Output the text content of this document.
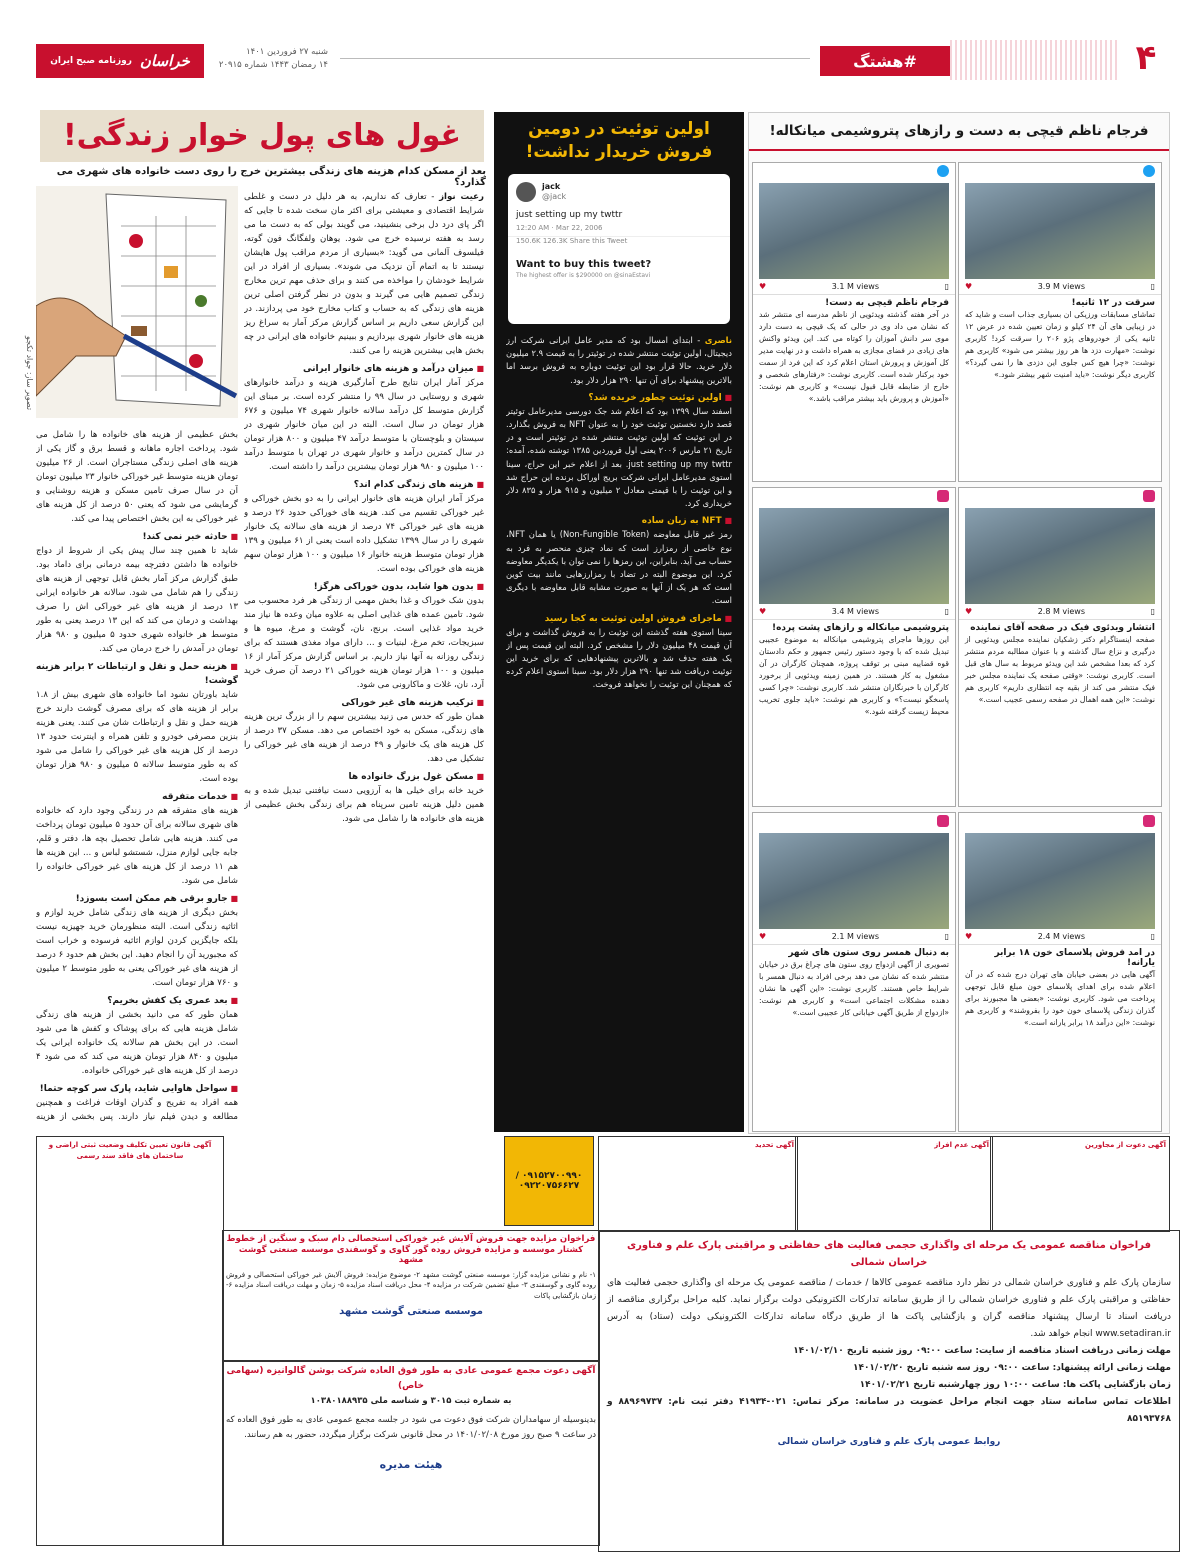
خراسان
روزنامه صبح ایران
شنبه ۲۷ فروردین ۱۴۰۱
۱۴ رمضان ۱۴۴۳ شماره ۲۰۹۱۵	#هشتگ	۴
فرجام ناظم قیچی به دست و رازهای پتروشیمی میانکاله!
♥	3.9 M views	▯
سرقت در ۱۲ ثانیه!
تماشای مسابقات ورزیکی ان بسیاری جذاب است و شاید که در زیبایی های آن ۲۴ کیلو و زمان تعیین شده در عرض ۱۲ ثانیه یکی از خودروهای پژو ۲۰۶ را سرقت کرد! کاربری نوشت: «مهارت دزد ها هر روز بیشتر می شود» کاربری هم نوشت: «چرا هیچ کس جلوی این دزدی ها را نمی گیرد؟» کاربری دیگر نوشت: «باید امنیت شهر بیشتر شود.»
♥	3.1 M views	▯
فرجام ناظم قیچی به دست!
در آخر هفته گذشته ویدئویی از ناظم مدرسه ای منتشر شد که نشان می داد وی در حالی که یک قیچی به دست دارد موی سر دانش آموزان را کوتاه می کند. این ویدئو واکنش های زیادی در فضای مجازی به همراه داشت و در نهایت مدیر کل آموزش و پرورش استان اعلام کرد که این فرد از سمت خود برکنار شده است. کاربری نوشت: «رفتارهای شخصی و خارج از ضابطه قابل قبول نیست» و کاربری هم نوشت: «آموزش و پرورش باید بیشتر مراقب باشد.»
♥	2.8 M views	▯
انتشار ویدئوی فیک در صفحه آقای نماینده
صفحه اینستاگرام دکتر زشکیان نماینده مجلس ویدئویی از درگیری و نزاع سال گذشته و با عنوان مطالبه مردم منتشر کرد که بعدا مشخص شد این ویدئو مربوط به سال های قبل است. کاربری نوشت: «وقتی صفحه یک نماینده مجلس خبر فیک منتشر می کند از بقیه چه انتظاری داریم» کاربری هم نوشت: «این همه اهمال در صفحه رسمی عجیب است.»
♥	3.4 M views	▯
پتروشیمی میانکاله و رازهای پشت پرده!
این روزها ماجرای پتروشیمی میانکاله به موضوع عجیبی تبدیل شده که با وجود دستور رئیس جمهور و حکم دادستان قوه قضاییه مبنی بر توقف پروژه، همچنان کارگران در آن مشغول به کار هستند. در همین زمینه ویدئویی از برخورد کارگران با خبرنگاران منتشر شد. کاربری نوشت: «چرا کسی پاسخگو نیست؟» و کاربری هم نوشت: «باید جلوی تخریب محیط زیست گرفته شود.»
♥	2.4 M views	▯
در امد فروش پلاسمای خون ۱۸ برابر یارانه!
آگهی هایی در بعضی خیابان های تهران درج شده که در آن اعلام شده برای اهدای پلاسمای خون مبلغ قابل توجهی پرداخت می شود. کاربری نوشت: «بعضی ها مجبورند برای گذران زندگی پلاسمای خون خود را بفروشند» و کاربری هم نوشت: «این درآمد ۱۸ برابر یارانه است.»
♥	2.1 M views	▯
به دنبال همسر روی ستون های شهر
تصویری از آگهی ازدواج روی ستون های چراغ برق در خیابان منتشر شده که نشان می دهد برخی افراد به دنبال همسر با شرایط خاص هستند. کاربری نوشت: «این آگهی ها نشان دهنده مشکلات اجتماعی است» و کاربری هم نوشت: «ازدواج از طریق آگهی خیابانی کار عجیبی است.»
اولین توئیت در دومین فروش خریدار نداشت!
jack
@jack
just setting up my twttr
12:20 AM · Mar 22, 2006
150.6K 126.3K Share this Tweet
Want to buy this tweet?
The highest offer is $290000 on @sinaEstavi

ناصری - ابتدای امسال بود که مدیر عامل ایرانی شرکت ارز دیجیتال، اولین توئیت منتشر شده در توئیتر را به قیمت ۲.۹ میلیون دلار خرید. حالا قرار بود این توئیت دوباره به فروش برسد اما بالاترین پیشنهاد برای آن تنها ۲۹۰ هزار دلار بود.

■ اولین توئیت چطور خریده شد؟

اسفند سال ۱۳۹۹ بود که اعلام شد جک دورسی مدیرعامل توئیتر قصد دارد نخستین توئیت خود را به عنوان NFT به فروش بگذارد. در این توئیت که اولین توئیت منتشر شده در توئیتر است و در تاریخ ۲۱ مارس ۲۰۰۶ یعنی اول فروردین ۱۳۸۵ توشته شده، آمده: just setting up my twttr. بعد از اعلام خبر این حراج، سینا استوی مدیرعامل ایرانی شرکت بریج اوراکل برنده این حراج شد و این توئیت را با قیمتی معادل ۲ میلیون و ۹۱۵ هزار و ۸۳۵ دلار خریداری کرد.

■ NFT به زبان ساده

رمز غیر قابل معاوضه (Non-Fungible Token) یا همان NFT، نوع خاصی از رمزارز است که نماد چیزی منحصر به فرد به حساب می آید. بنابراین، این رمزها را نمی توان با یکدیگر معاوضه کرد. این موضوع البته در تضاد با رمزارزهایی مانند بیت کوین است که هر یک از آنها به صورت مشابه قابل معاوضه با دیگری است.

■ ماجرای فروش اولین توئیت به کجا رسید

سینا استوی هفته گذشته این توئیت را به فروش گذاشت و برای آن قیمت ۴۸ میلیون دلار را مشخص کرد. البته این قیمت پس از یک هفته حدف شد و بالاترین پیشنهادهایی که برای خرید این توئیت دریافت شد تنها ۲۹۰ هزار دلار بود. سینا استوی اعلام کرده که همچنان این توئیت را نخواهد فروخت.

غول های پول خوار زندگی!
بعد از مسکن کدام هزینه های زندگی بیشترین خرج را روی دست خانواده های شهری می گذارد؟
تصویر ساز: جواد تکجو

رعیت نواز - تعارف که نداریم، به هر دلیل در دست و غلطی شرایط اقتصادی و معیشتی برای اکثر مان سخت شده تا جایی که اگر پای درد دل برخی بنشینید، می گویند بولی که به دست ما می رسد به هفته نرسیده خرج می شود. یوهان ولفگانگ فون گوته، فیلسوف آلمانی می گوید: «بسیاری از مردم مراقب پول هایشان نیستند تا به اتمام آن نزدیک می شوند». بسیاری از افراد در این شرایط خودشان را مواخذه می کنند و برای حذف مهم ترین مخارج زندگی تصمیم هایی می گیرند و بدون در نظر گرفتن اصلی ترین هزینه های زندگی که به حساب و کتاب مخارج خود می پردازند. در این گزارش سعی داریم بر اساس گزارش مرکز آمار به سراغ ریز هزینه های خانوار شهری بپردازیم و ببینیم خانواده های ایرانی در چه بخش هایی بیشترین هزینه را می کنند.

■ میزان درآمد و هزینه های خانوار ایرانی

مرکز آمار ایران نتایج طرح آمارگیری هزینه و درآمد خانوارهای شهری و روستایی در سال ۹۹ را منتشر کرده است. بر مبنای این گزارش متوسط کل درآمد سالانه خانوار شهری ۷۴ میلیون و ۶۷۶ هزار تومان در سال است. البته در این میان خانوار شهری در سیستان و بلوچستان با متوسط درآمد ۴۷ میلیون و ۸۰۰ هزار تومان در سال کمترین درآمد و خانوار شهری در تهران با متوسط درآمد ۱۰۰ میلیون و ۹۸۰ هزار تومان بیشترین درآمد را داشته است.

■ هزینه های زندگی کدام اند؟

مرکز آمار ایران هزینه های خانوار ایرانی را به دو بخش خوراکی و غیر خوراکی تقسیم می کند. هزینه های خوراکی حدود ۲۶ درصد و هزینه های غیر خوراکی ۷۴ درصد از هزینه های سالانه یک خانوار شهری را در سال ۱۳۹۹ تشکیل داده است یعنی از ۶۱ میلیون و ۱۳۹ هزار تومان متوسط هزینه خانوار ۱۶ میلیون و ۱۰۰ هزار تومان سهم هزینه های خوراکی بوده است.

■ بدون هوا شاید، بدون خوراکی هرگز!

بدون شک خوراک و غذا بخش مهمی از زندگی هر فرد محسوب می شود. تامین عمده های غذایی اصلی به علاوه میان وعده ها نیاز مند خرید مواد غذایی است. برنج، نان، گوشت و مرغ، میوه ها و سبزیجات، تخم مرغ، لبنیات و ... دارای مواد مغذی هستند که برای زندگی روزانه به آنها نیاز داریم. بر اساس گزارش مرکز آمار از ۱۶ میلیون و ۱۰۰ هزار تومان هزینه خوراکی ۲۱ درصد آن صرف خرید آرد، نان، غلات و ماکارونی می شود.

■ ترکیب هزینه های غیر خوراکی

همان طور که حدس می زنید بیشترین سهم را از بزرگ ترین هزینه های زندگی، مسکن به خود اختصاص می دهد. مسکن ۳۷ درصد از کل هزینه های یک خانوار و ۴۹ درصد از هزینه های غیر خوراکی را تشکیل می دهد.

■ مسکن غول بزرگ خانواده ها

خرید خانه برای خیلی ها به آرزویی دست نیافتنی تبدیل شده و به همین دلیل هزینه تامین سرپناه هم برای زندگی بخش عظیمی از هزینه های خانواده ها را شامل می شود.

بخش عظیمی از هزینه های خانواده ها را شامل می شود. پرداخت اجاره ماهانه و قسط برق و گاز یکی از هزینه های اصلی زندگی مستاجران است. از ۲۶ میلیون تومان هزینه متوسط غیر خوراکی خانوار ۲۳ میلیون تومان آن در سال صرف تامین مسکن و هزینه روشنایی و گرمایشی می شود که یعنی ۵۰ درصد از کل هزینه های غیر خوراکی به این بخش اختصاص پیدا می کند.

■ حادثه خبر نمی کند!

شاید تا همین چند سال پیش یکی از شروط از دواج خانواده ها داشتن دفترچه بیمه درمانی برای داماد بود. طبق گزارش مرکز آمار بخش قابل توجهی از هزینه های زندگی را هم شامل می شود. سالانه هر خانواده ایرانی ۱۳ درصد از هزینه های غیر خوراکی اش را صرف بهداشت و درمان می کند که این ۱۳ درصد یعنی به طور متوسط هر خانواده شهری حدود ۵ میلیون و ۹۸۰ هزار تومان در آمدش را خرج درمان می کند.

■ هزینه حمل و نقل و ارتباطات ۲ برابر هزینه گوشت!

شاید باورتان نشود اما خانواده های شهری بیش از ۱.۸ برابر از هزینه های که برای مصرف گوشت دارند خرج هزینه حمل و نقل و ارتباطات شان می کنند. یعنی هزینه بنزین مصرفی خودرو و تلفن همراه و اینترنت حدود ۱۳ درصد از کل هزینه های غیر خوراکی را شامل می شود که به طور متوسط سالانه ۵ میلیون و ۹۸۰ هزار تومان بوده است.

■ خدمات متفرقه

هزینه های متفرقه هم در زندگی وجود دارد که خانواده های شهری سالانه برای آن حدود ۵ میلیون تومان پرداخت می کنند. هزینه هایی شامل تحصیل بچه ها، دفتر و قلم، جابه جایی لوازم منزل، شستشو لباس و ... این هزینه ها هم ۱۱ درصد از کل هزینه های غیر خوراکی خانواده را شامل می شود.

■ جارو برقی هم ممکن است بسوزد!

بخش دیگری از هزینه های زندگی شامل خرید لوازم و اثاثیه زندگی است. البته منظورمان خرید جهیزیه نیست بلکه جایگزین کردن لوازم اثاثیه فرسوده و خراب است که مجبورید آن را انجام دهید. این بخش هم حدود ۶ درصد از هزینه های غیر خوراکی یعنی به طور متوسط ۲ میلیون و ۷۶۰ هزار تومان است.

■ بعد عمری یک کفش بخریم؟

همان طور که می دانید بخشی از هزینه های زندگی شامل هزینه هایی که برای پوشاک و کفش ها می شود است. در این بخش هم سالانه یک خانواده ایرانی یک میلیون و ۸۴۰ هزار تومان هزینه می کند که می شود ۴ درصد از کل هزینه های غیر خوراکی خانواده.

■ سواحل هاوایی شاید، پارک سر کوچه حتما!

همه افراد به تفریح و گذران اوقات فراغت و همچنین مطالعه و دیدن فیلم نیاز دارند. پس بخشی از هزینه

آگهی دعوت از مجاورین
آگهی عدم افراز
آگهی تحدید
فراخوان مناقصه عمومی یک مرحله ای واگذاری حجمی فعالیت های حفاظتی و مراقبتی پارک علم و فناوری خراسان شمالی
سازمان پارک علم و فناوری خراسان شمالی در نظر دارد مناقصه عمومی کالاها / خدمات / مناقصه عمومی یک مرحله ای واگذاری حجمی فعالیت های حفاظتی و مراقبتی پارک علم و فناوری خراسان شمالی را از طریق سامانه تدارکات الکترونیکی دولت برگزار نماید. کلیه مراحل برگزاری مناقصه از دریافت اسناد تا ارسال پیشنهاد مناقصه گران و بازگشایی پاکت ها از طریق درگاه سامانه تدارکات الکترونیکی دولت (ستاد) به آدرس www.setadiran.ir انجام خواهد شد.
مهلت زمانی دریافت اسناد مناقصه از سایت: ساعت ۰۹:۰۰ روز شنبه تاریخ ۱۴۰۱/۰۲/۱۰
مهلت زمانی ارائه پیشنهاد: ساعت ۰۹:۰۰ روز سه شنبه تاریخ ۱۴۰۱/۰۲/۲۰
زمان بازگشایی پاکت ها: ساعت ۱۰:۰۰ روز چهارشنبه تاریخ ۱۴۰۱/۰۲/۲۱
اطلاعات تماس سامانه ستاد جهت انجام مراحل عضویت در سامانه: مرکز تماس: ۰۲۱-۴۱۹۳۴ دفتر ثبت نام: ۸۸۹۶۹۷۳۷ و ۸۵۱۹۳۷۶۸
روابط عمومی پارک علم و فناوری خراسان شمالی
۰۹۱۵۲۷۰۰۹۹۰ / ۰۹۲۲۰۷۵۶۶۲۷
فراخوان مزایده جهت فروش آلایش غیر خوراکی استحصالی دام سبک و سنگین از خطوط کشتار موسسه و مزایده فروش روده گور گاوی و گوسفندی موسسه صنعتی گوشت مشهد
۱- نام و نشانی مزایده گزار: موسسه صنعتی گوشت مشهد ۲- موضوع مزایده: فروش آلایش غیر خوراکی استحصالی و فروش روده گاوی و گوسفندی ۳- مبلغ تضمین شرکت در مزایده ۴- محل دریافت اسناد مزایده ۵- زمان و مهلت دریافت اسناد مزایده ۶- زمان بازگشایی پاکات
موسسه صنعتی گوشت مشهد
آگهی دعوت مجمع عمومی عادی به طور فوق العاده شرکت بوشن گالوانیزه (سهامی خاص)
به شماره ثبت ۳۰۱۵ و شناسه ملی ۱۰۳۸۰۱۸۸۹۳۵
بدینوسیله از سهامداران شرکت فوق دعوت می شود در جلسه مجمع عمومی عادی به طور فوق العاده که در ساعت ۹ صبح روز مورخ ۱۴۰۱/۰۲/۰۸ در محل قانونی شرکت برگزار میگردد، حضور به هم رسانند.
هیئت مدیره
آگهی قانون تعیین تکلیف وضعیت ثبتی اراضی و ساختمان های فاقد سند رسمی
